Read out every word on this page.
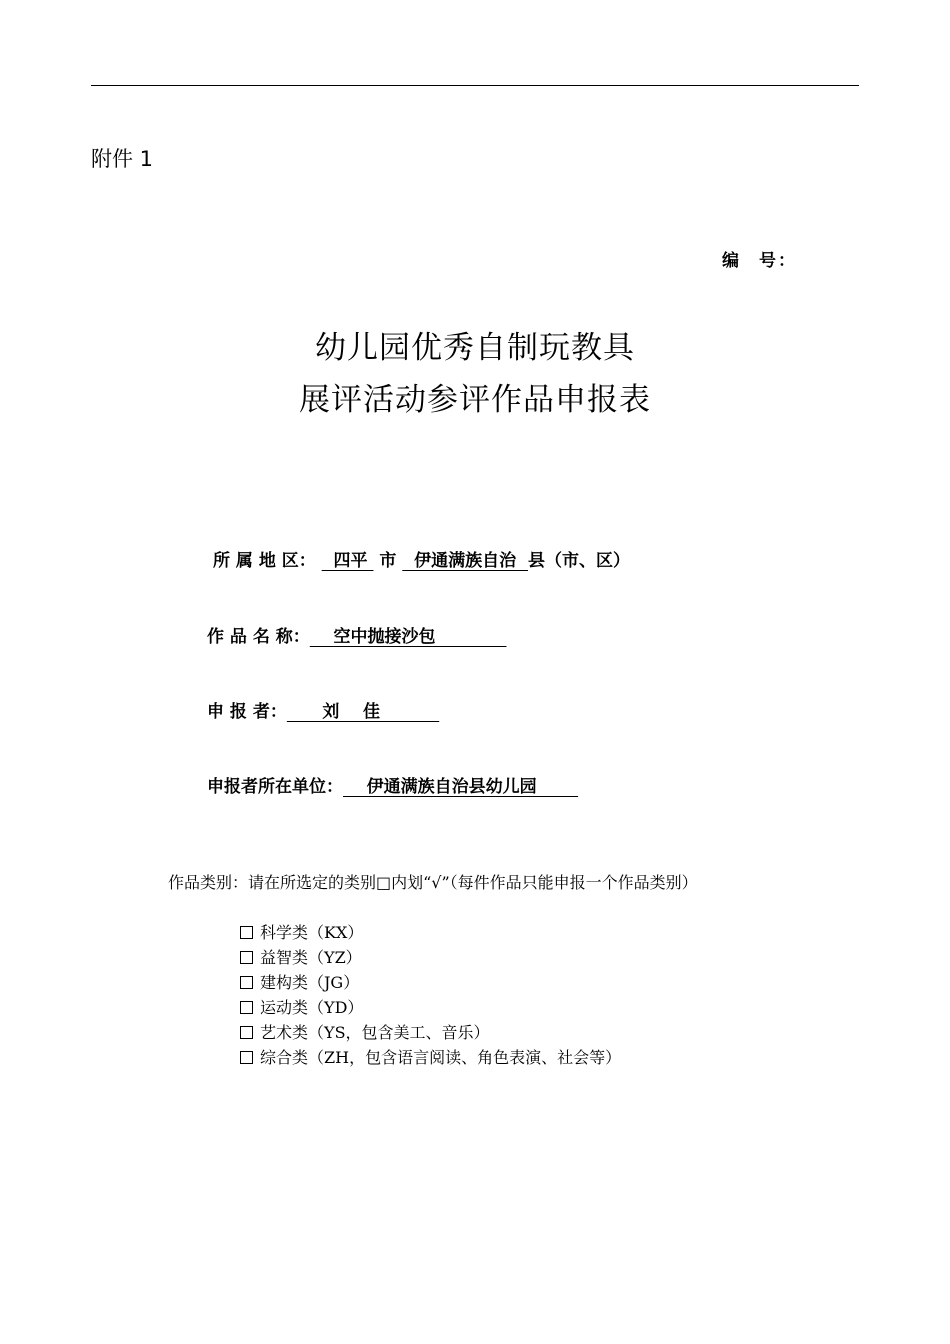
附件 1
编 号：
幼儿园优秀自制玩教具
展评活动参评作品申报表
所 属 地 区：   四平  市   伊通满族自治  县（市、区）
作 品 名 称：    空中抛接沙包
申 报 者：      刘    佳
申报者所在单位：    伊通满族自治县幼儿园
作品类别：请在所选定的类别□内划“√”（每件作品只能申报一个作品类别）
科学类（KX）
益智类（YZ）
建构类（JG）
运动类（YD）
艺术类（YS，包含美工、音乐）
综合类（ZH，包含语言阅读、角色表演、社会等）
